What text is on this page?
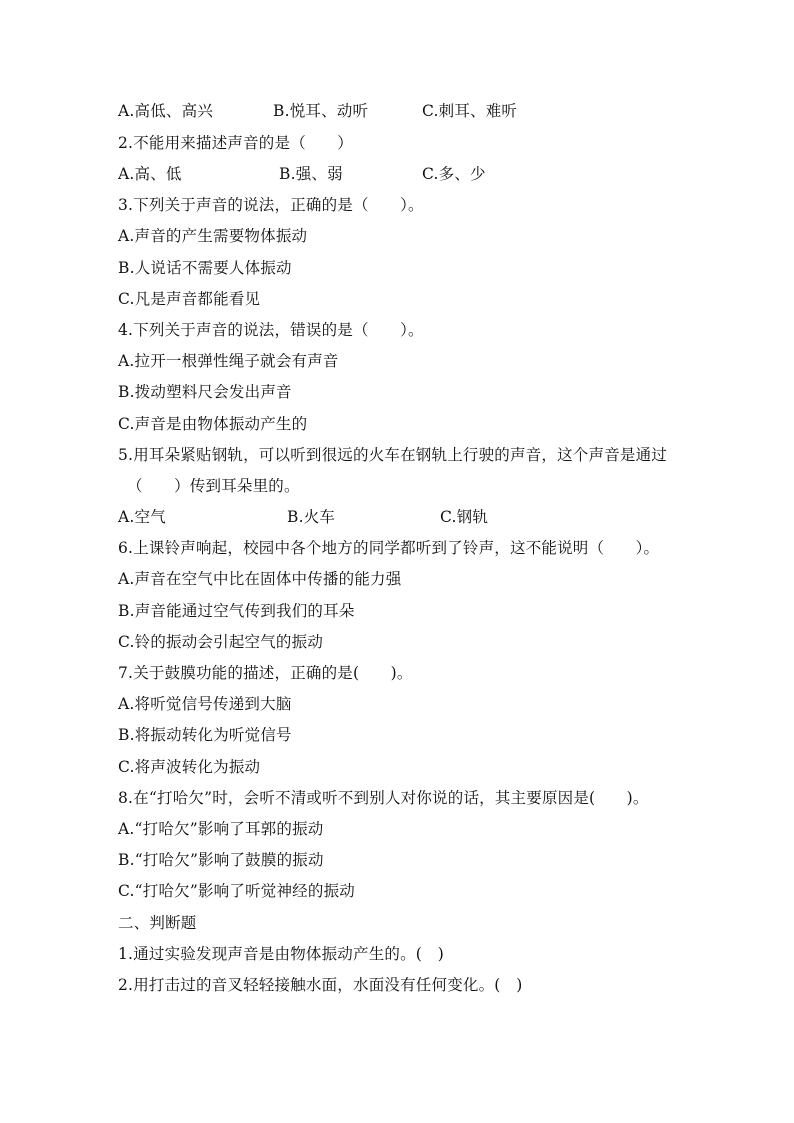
A.高低、高兴	B.悦耳、动听	C.刺耳、难听
2.不能用来描述声音的是（　　）
A.高、低	B.强、弱	C.多、少
3.下列关于声音的说法，正确的是（　　）。
A.声音的产生需要物体振动
B.人说话不需要人体振动
C.凡是声音都能看见
4.下列关于声音的说法，错误的是（　　）。
A.拉开一根弹性绳子就会有声音
B.拨动塑料尺会发出声音
C.声音是由物体振动产生的
5.用耳朵紧贴钢轨，可以听到很远的火车在钢轨上行驶的声音，这个声音是通过
（　　）传到耳朵里的。
A.空气	B.火车	C.钢轨
6.上课铃声响起，校园中各个地方的同学都听到了铃声，这不能说明（　　）。
A.声音在空气中比在固体中传播的能力强
B.声音能通过空气传到我们的耳朵
C.铃的振动会引起空气的振动
7.关于鼓膜功能的描述，正确的是(　　)。
A.将听觉信号传递到大脑
B.将振动转化为听觉信号
C.将声波转化为振动
8.在“打哈欠”时，会听不清或听不到别人对你说的话，其主要原因是(　　)。
A.“打哈欠”影响了耳郭的振动
B.“打哈欠”影响了鼓膜的振动
C.“打哈欠”影响了听觉神经的振动
二、判断题
1.通过实验发现声音是由物体振动产生的。(　)
2.用打击过的音叉轻轻接触水面，水面没有任何变化。(　)
